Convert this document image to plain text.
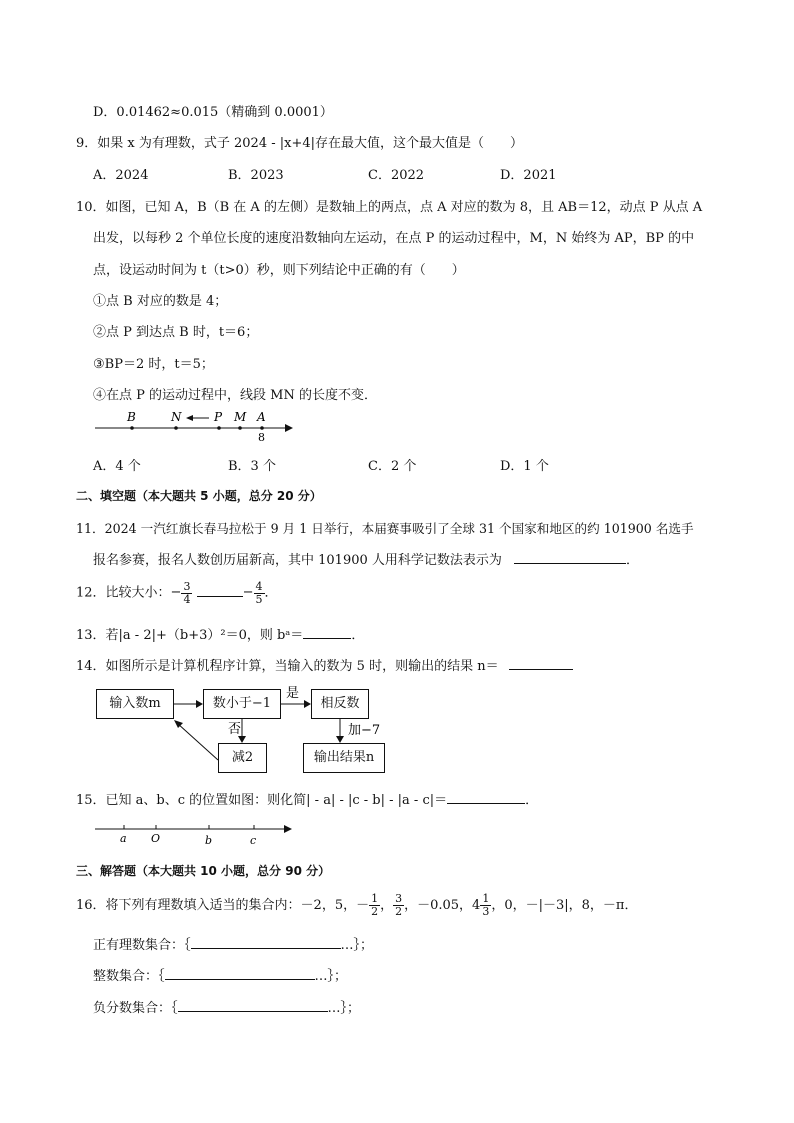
D．0.01462≈0.015（精确到 0.0001）
9．如果 x 为有理数，式子 2024 - |x+4|存在最大值，这个最大值是（　　）
A．2024	B．2023	C．2022	D．2021
10．如图，已知 A，B（B 在 A 的左侧）是数轴上的两点，点 A 对应的数为 8，且 AB＝12，动点 P 从点 A
出发，以每秒 2 个单位长度的速度沿数轴向左运动，在点 P 的运动过程中，M，N 始终为 AP，BP 的中
点，设运动时间为 t（t>0）秒，则下列结论中正确的有（　　）
①点 B 对应的数是 4；
②点 P 到达点 B 时，t＝6；
③BP＝2 时，t＝5；
④在点 P 的运动过程中，线段 MN 的长度不变．
B	N	P M A
8
A．4 个	B．3 个	C．2 个	D．1 个
二、填空题（本大题共 5 小题，总分 20 分）
11．2024 一汽红旗长春马拉松于 9 月 1 日举行，本届赛事吸引了全球 31 个国家和地区的约 101900 名选手
报名参赛，报名人数创历届新高，其中 101900 人用科学记数法表示为	．
12．比较大小：− $\frac{3}{4}$	− $\frac{4}{5}$ ．
13．若|a - 2|+（b+3）²＝0，则 bᵃ＝	．
14．如图所示是计算机程序计算，当输入的数为 5 时，则输出的结果 n＝
是
否	加−7
输入数m	数小于−1	相反数
减2	输出结果n
15．已知 a、b、c 的位置如图：则化简| - a| - |c - b| - |a - c|＝	．
a O	b	c
三、解答题（本大题共 10 小题，总分 90 分）
16．将下列有理数填入适当的集合内：－2，5，－ $\frac{1}{2}$ ， $\frac{3}{2}$ ，－0.05，$4 \frac{1}{3}$ ，0，－|－3|，8，－π．
正有理数集合：｛	…｝；
整数集合：｛	…｝；
负分数集合：｛	…｝；
